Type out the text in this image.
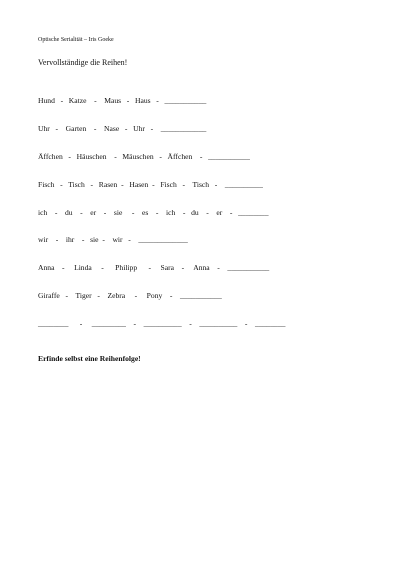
Optische Serialität – Iris Goeke
Vervollständige die Reihen!
Hund   -   Katze    -    Maus   -   Haus   -   ___________
Uhr   -    Garten    -    Nase   -   Uhr   -    ____________
Äffchen   -   Häuschen    -   Mäuschen   -   Äffchen    -   ___________
Fisch   -   Tisch   -   Rasen  -   Hasen  -   Fisch   -    Tisch   -    __________
ich    -    du    -    er    -    sie     -    es    -    ich    -   du    -    er    -   ________
wir    -    ihr    -   sie  -    wir   -    _____________
Anna    -     Linda     -      Philipp      -     Sara    -     Anna    -    ___________
Giraffe   -    Tiger   -    Zebra     -     Pony    -    ___________
________      -     _________    -    __________    -    __________    -    ________
Erfinde selbst eine Reihenfolge!
